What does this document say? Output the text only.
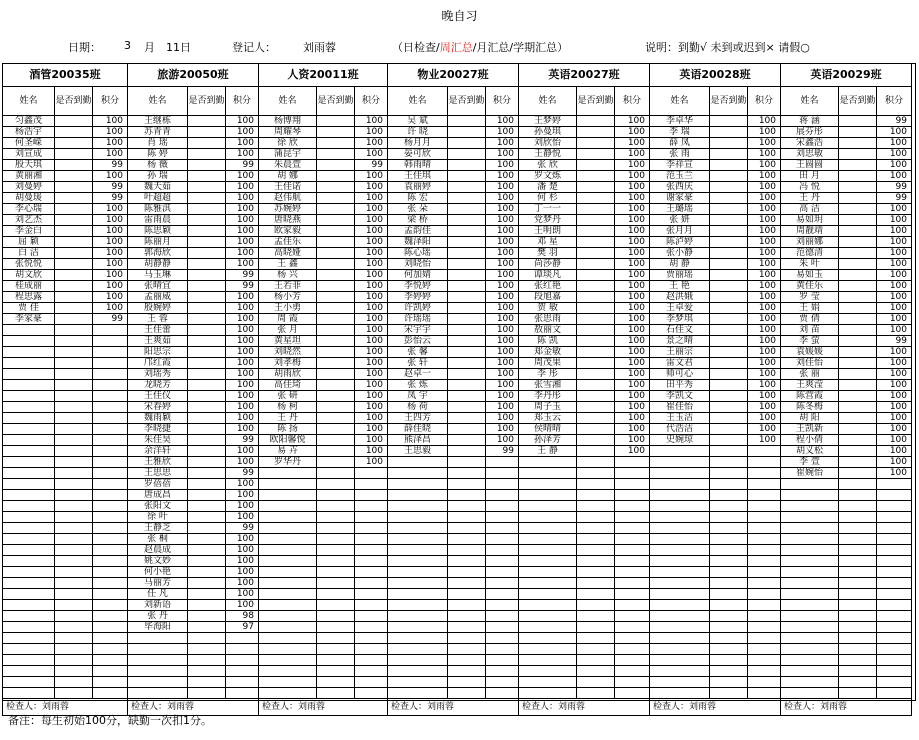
晚自习
日期： 3 月 11日	登记人： 刘雨蓉	（日检查/周汇总/月汇总/学期汇总）	说明：到勤√ 未到或迟到× 请假○
酒管20035班			旅游20050班			人资20011班			物业20027班			英语20027班			英语20028班			英语20029班		
姓名	是否到勤	积分	姓名	是否到勤	积分	姓名	是否到勤	积分	姓名	是否到勤	积分	姓名	是否到勤	积分	姓名	是否到勤	积分	姓名	是否到勤	积分
匀鑫茂		100	王继栋		100	杨博翔		100	吴 斌		100	王梦婷		100	李卓华		100	蒋 涵		99
杨浩宇		100	苏青青		100	周耀琴		100	许 晓		100	孙曼琪		100	李 瑞		100	展芬彤		100
何圣嵘		100	肖 瑶		100	徐 欣		100	杨月月		100	刘欣怡		100	薛 凤		100	宋鑫浩		100
刘宣成		100	陈 婷		100	蒲昆宇		100	晏可欣		100	王静悦		100	张 雨		100	刘思敏		100
殷天琪		99	杨 薇		99	朱晨萱		99	韩雨晴		100	张 欣		100	李祥宣		100	王圆圆		100
黄丽湘		100	孙 瑞		100	胡 娜		100	王佳琪		100	罗文炼		100	范玉兰		100	田 月		100
刘曼婷		99	魏天茹		100	王佳诺		100	袁丽婷		100	潘 楚		100	张西庆		100	冯 悦		99
胡曼瑗		99	叶超超		100	赵伟航		100	陈 宏		100	何 杉		100	谢家豪		100	王 丹		99
李心瑞		100	陈雅淇		100	苏婉婷		100	张 朵		100	丁一一		100	王璐瑶		100	高 洁		100
刘艺杰		100	雷雨晨		100	唐晓燕		100	梁 桥		100	党梦丹		100	张 妍		100	易如玥		100
李金白		100	陈思颖		100	欧家毅		100	孟韵佳		100	王明朗		100	张月月		100	周靓靖		100
屈 颖		100	陈丽月		100	孟佳乐		100	魏泽阳		100	邓 星		100	陈泸婷		100	刘丽娜		100
白 洁		100	郭海欣		100	高晓娅		100	陈心瑶		100	樊 羽		100	张小静		100	范德清		100
张悦悦		100	胡静静		100	王 鑫		100	刘晓怡		100	尚莎静		100	胡 静		100	朱 叶		100
胡文欣		100	马玉琳		99	杨 兴		100	何加婧		100	谭琰凡		100	贾丽瑶		100	易如玉		100
桂成丽		100	张晴宜		99	王若菲		100	李悦婷		100	张红艳		100	王 艳		100	黄佳乐		100
程思露		100	孟丽威		100	杨小芳		100	李婷婷		100	段旭嘉		100	赵洪娥		100	罗 莹		100
贾 佳		100	殷婉婷		100	王小勇		100	许凯婷		100	贺 敏		100	王卓爱		100	王 娟		100
李家豪		99	王 蓉		100	周 霞		100	许瑶瑶		100	张思雨		100	李梦琪		100	贾 倩		100
			王佳蕾		100	张 月		100	宋宇宇		100	敖丽文		100	石佳文		100	刘 苗		100
			王爽茹		100	黄星坦		100	彭怡云		100	陈 凯		100	景之晴		100	李 萤		99
			阳思宗		100	刘晓然		100	张 馨		100	郑金敏		100	王丽宗		100	袁媛媛		100
			邝红霞		100	刘孝梅		100	张 轩		100	周茂果		100	雷文君		100	刘佳怡		100
			刘瑶秀		100	胡雨欣		100	赵卓一		100	李 彤		100	师可心		100	张 丽		100
			龙晓芳		100	高佳琦		100	张 炼		100	张雪湘		100	田平秀		100	王爽滢		100
			王佳仪		100	张 研		100	凤 宇		100	李丹彤		100	李凯文		100	陈营霞		100
			宋春婷		100	杨 柯		100	杨 荷		100	周子玉		100	崔佳怡		100	陈冬梅		100
			魏雨颖		100	王 丹		100	王四芳		100	郑玉云		100	王玉洁		100	胡 阳		100
			李晓捷		100	陈 扬		100	薛佳晓		100	侯晴晴		100	代浩洁		100	王凯新		100
			朱佳昊		99	欧阳馨悦		100	熊泽昌		100	孙泽芳		100	史婉琼		100	程小倩		100
			余洋轩		100	易 卉		100	王思毅		99	王 静		100				胡义松		100
			王雅欣		100	罗华丹		100										李 萱		100
			王思思		99													崔婉怡		100
			罗蓓蓓		100															
			唐成昌		100															
			张阳文		100															
			徐 叶		100															
			王静芝		99															
			张 桐		100															
			赵晨成		100															
			姚文妙		100															
			何小艳		100															
			马丽芳		100															
			任 凡		100															
			刘新语		100															
			张 丹		98															
			毕海阳		97															

检查人：刘雨蓉			检查人：刘雨蓉			检查人：刘雨蓉			检查人：刘雨蓉			检查人：刘雨蓉			检查人：刘雨蓉			检查人：刘雨蓉		
备注：每生初始100分，缺勤一次扣1分。
